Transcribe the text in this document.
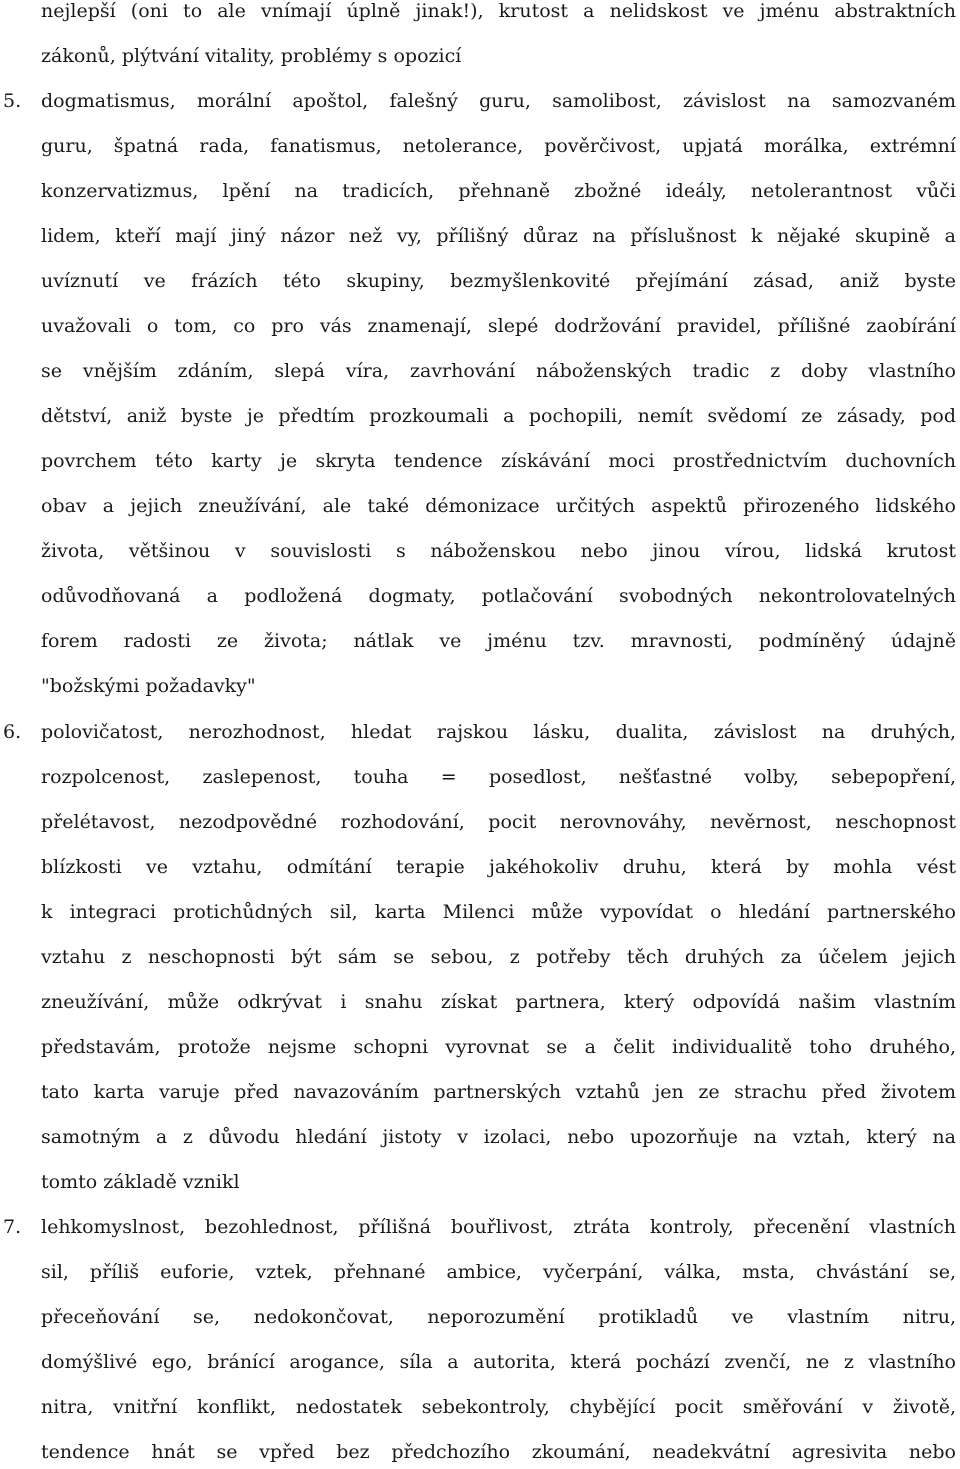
nejlepší (oni to ale vnímají úplně jinak!), krutost a nelidskost ve jménu abstraktních
zákonů, plýtvání vitality, problémy s opozicí
5. dogmatismus, morální apoštol, falešný guru, samolibost, závislost na samozvaném
guru, špatná rada, fanatismus, netolerance, pověrčivost, upjatá morálka, extrémní
konzervatizmus, lpění na tradicích, přehnaně zbožné ideály, netolerantnost vůči
lidem, kteří mají jiný názor než vy, přílišný důraz na příslušnost k nějaké skupině a
uvíznutí ve frázích této skupiny, bezmyšlenkovité přejímání zásad, aniž byste
uvažovali o tom, co pro vás znamenají, slepé dodržování pravidel, přílišné zaobírání
se vnějším zdáním, slepá víra, zavrhování náboženských tradic z doby vlastního
dětství, aniž byste je předtím prozkoumali a pochopili, nemít svědomí ze zásady, pod
povrchem této karty je skryta tendence získávání moci prostřednictvím duchovních
obav a jejich zneužívání, ale také démonizace určitých aspektů přirozeného lidského
života, většinou v souvislosti s náboženskou nebo jinou vírou, lidská krutost
odůvodňovaná a podložená dogmaty, potlačování svobodných nekontrolovatelných
forem radosti ze života; nátlak ve jménu tzv. mravnosti, podmíněný údajně
"božskými požadavky"
6. polovičatost, nerozhodnost, hledat rajskou lásku, dualita, závislost na druhých,
rozpolcenost, zaslepenost, touha = posedlost, nešťastné volby, sebepopření,
přelétavost, nezodpovědné rozhodování, pocit nerovnováhy, nevěrnost, neschopnost
blízkosti ve vztahu, odmítání terapie jakéhokoliv druhu, která by mohla vést
k integraci protichůdných sil, karta Milenci může vypovídat o hledání partnerského
vztahu z neschopnosti být sám se sebou, z potřeby těch druhých za účelem jejich
zneužívání, může odkrývat i snahu získat partnera, který odpovídá našim vlastním
představám, protože nejsme schopni vyrovnat se a čelit individualitě toho druhého,
tato karta varuje před navazováním partnerských vztahů jen ze strachu před životem
samotným a z důvodu hledání jistoty v izolaci, nebo upozorňuje na vztah, který na
tomto základě vznikl
7. lehkomyslnost, bezohlednost, přílišná bouřlivost, ztráta kontroly, přecenění vlastních
sil, příliš euforie, vztek, přehnané ambice, vyčerpání, válka, msta, chvástání se,
přeceňování se, nedokončovat, neporozumění protikladů ve vlastním nitru,
domýšlivé ego, bránící arogance, síla a autorita, která pochází zvenčí, ne z vlastního
nitra, vnitřní konflikt, nedostatek sebekontroly, chybějící pocit směřování v životě,
tendence hnát se vpřed bez předchozího zkoumání, neadekvátní agresivita nebo
